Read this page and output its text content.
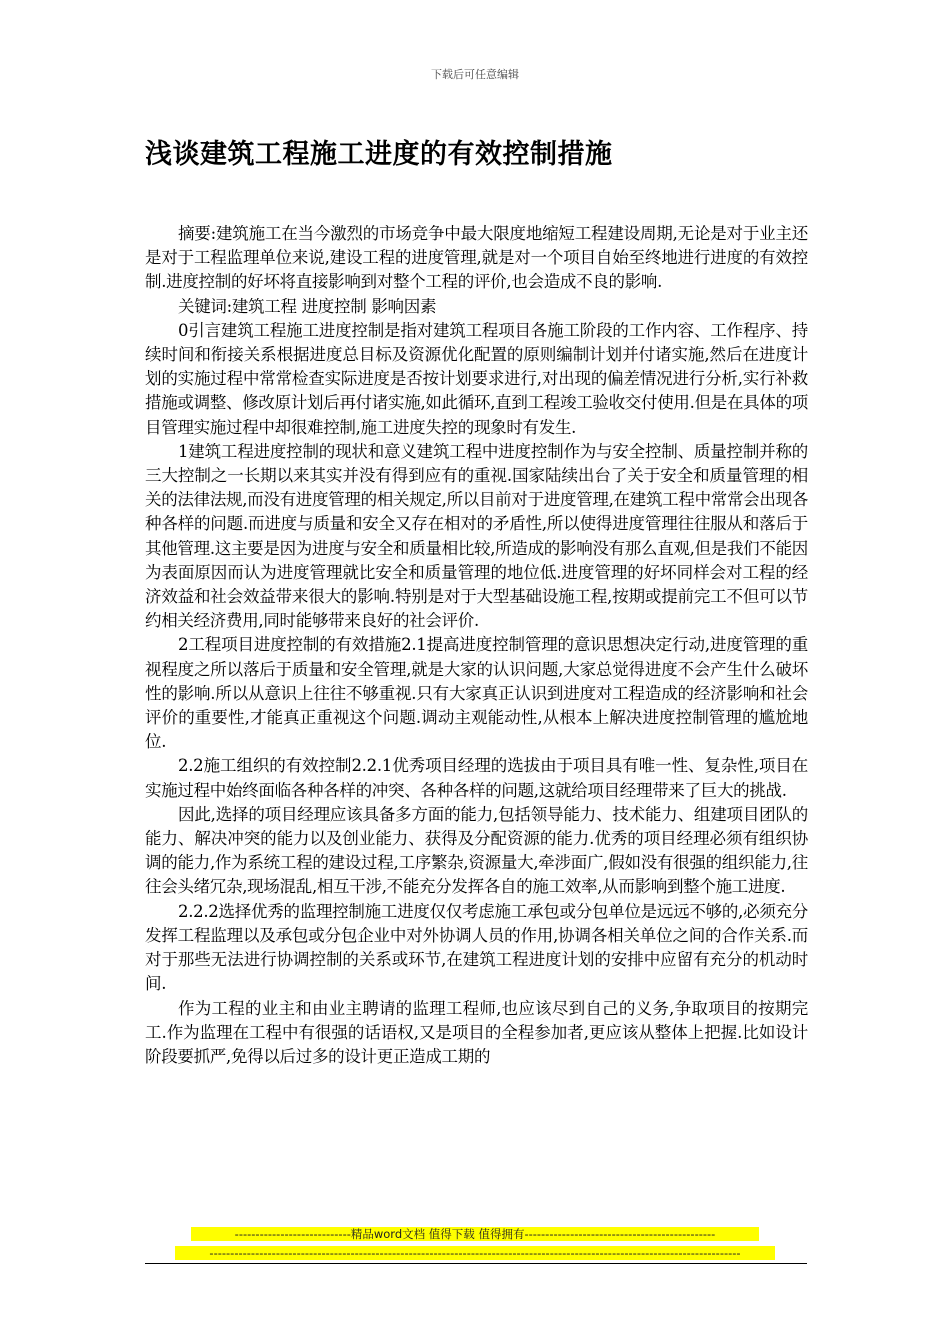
下载后可任意编辑
浅谈建筑工程施工进度的有效控制措施

摘要:建筑施工在当今激烈的市场竞争中最大限度地缩短工程建设周期,无论是对于业主还是对于工程监理单位来说,建设工程的进度管理,就是对一个项目自始至终地进行进度的有效控制.进度控制的好坏将直接影响到对整个工程的评价,也会造成不良的影响.

关键词:建筑工程 进度控制 影响因素

0引言建筑工程施工进度控制是指对建筑工程项目各施工阶段的工作内容、工作程序、持续时间和衔接关系根据进度总目标及资源优化配置的原则编制计划并付诸实施,然后在进度计划的实施过程中常常检查实际进度是否按计划要求进行,对出现的偏差情况进行分析,实行补救措施或调整、修改原计划后再付诸实施,如此循环,直到工程竣工验收交付使用.但是在具体的项目管理实施过程中却很难控制,施工进度失控的现象时有发生.

1建筑工程进度控制的现状和意义建筑工程中进度控制作为与安全控制、质量控制并称的三大控制之一长期以来其实并没有得到应有的重视.国家陆续出台了关于安全和质量管理的相关的法律法规,而没有进度管理的相关规定,所以目前对于进度管理,在建筑工程中常常会出现各种各样的问题.而进度与质量和安全又存在相对的矛盾性,所以使得进度管理往往服从和落后于其他管理.这主要是因为进度与安全和质量相比较,所造成的影响没有那么直观,但是我们不能因为表面原因而认为进度管理就比安全和质量管理的地位低.进度管理的好坏同样会对工程的经济效益和社会效益带来很大的影响.特别是对于大型基础设施工程,按期或提前完工不但可以节约相关经济费用,同时能够带来良好的社会评价.

2工程项目进度控制的有效措施2.1提高进度控制管理的意识思想决定行动,进度管理的重视程度之所以落后于质量和安全管理,就是大家的认识问题,大家总觉得进度不会产生什么破坏性的影响.所以从意识上往往不够重视.只有大家真正认识到进度对工程造成的经济影响和社会评价的重要性,才能真正重视这个问题.调动主观能动性,从根本上解决进度控制管理的尴尬地位.

2.2施工组织的有效控制2.2.1优秀项目经理的选拔由于项目具有唯一性、复杂性,项目在实施过程中始终面临各种各样的冲突、各种各样的问题,这就给项目经理带来了巨大的挑战.

因此,选择的项目经理应该具备多方面的能力,包括领导能力、技术能力、组建项目团队的能力、解决冲突的能力以及创业能力、获得及分配资源的能力.优秀的项目经理必须有组织协调的能力,作为系统工程的建设过程,工序繁杂,资源量大,牵涉面广,假如没有很强的组织能力,往往会头绪冗杂,现场混乱,相互干涉,不能充分发挥各自的施工效率,从而影响到整个施工进度.

2.2.2选择优秀的监理控制施工进度仅仅考虑施工承包或分包单位是远远不够的,必须充分发挥工程监理以及承包或分包企业中对外协调人员的作用,协调各相关单位之间的合作关系.而对于那些无法进行协调控制的关系或环节,在建筑工程进度计划的安排中应留有充分的机动时间.

作为工程的业主和由业主聘请的监理工程师,也应该尽到自己的义务,争取项目的按期完工.作为监理在工程中有很强的话语权,又是项目的全程参加者,更应该从整体上把握.比如设计阶段要抓严,免得以后过多的设计更正造成工期的

----------------------------精品word文档 值得下载 值得拥有----------------------------------------------
--------------------------------------------------------------------------------------------------------------------------------
